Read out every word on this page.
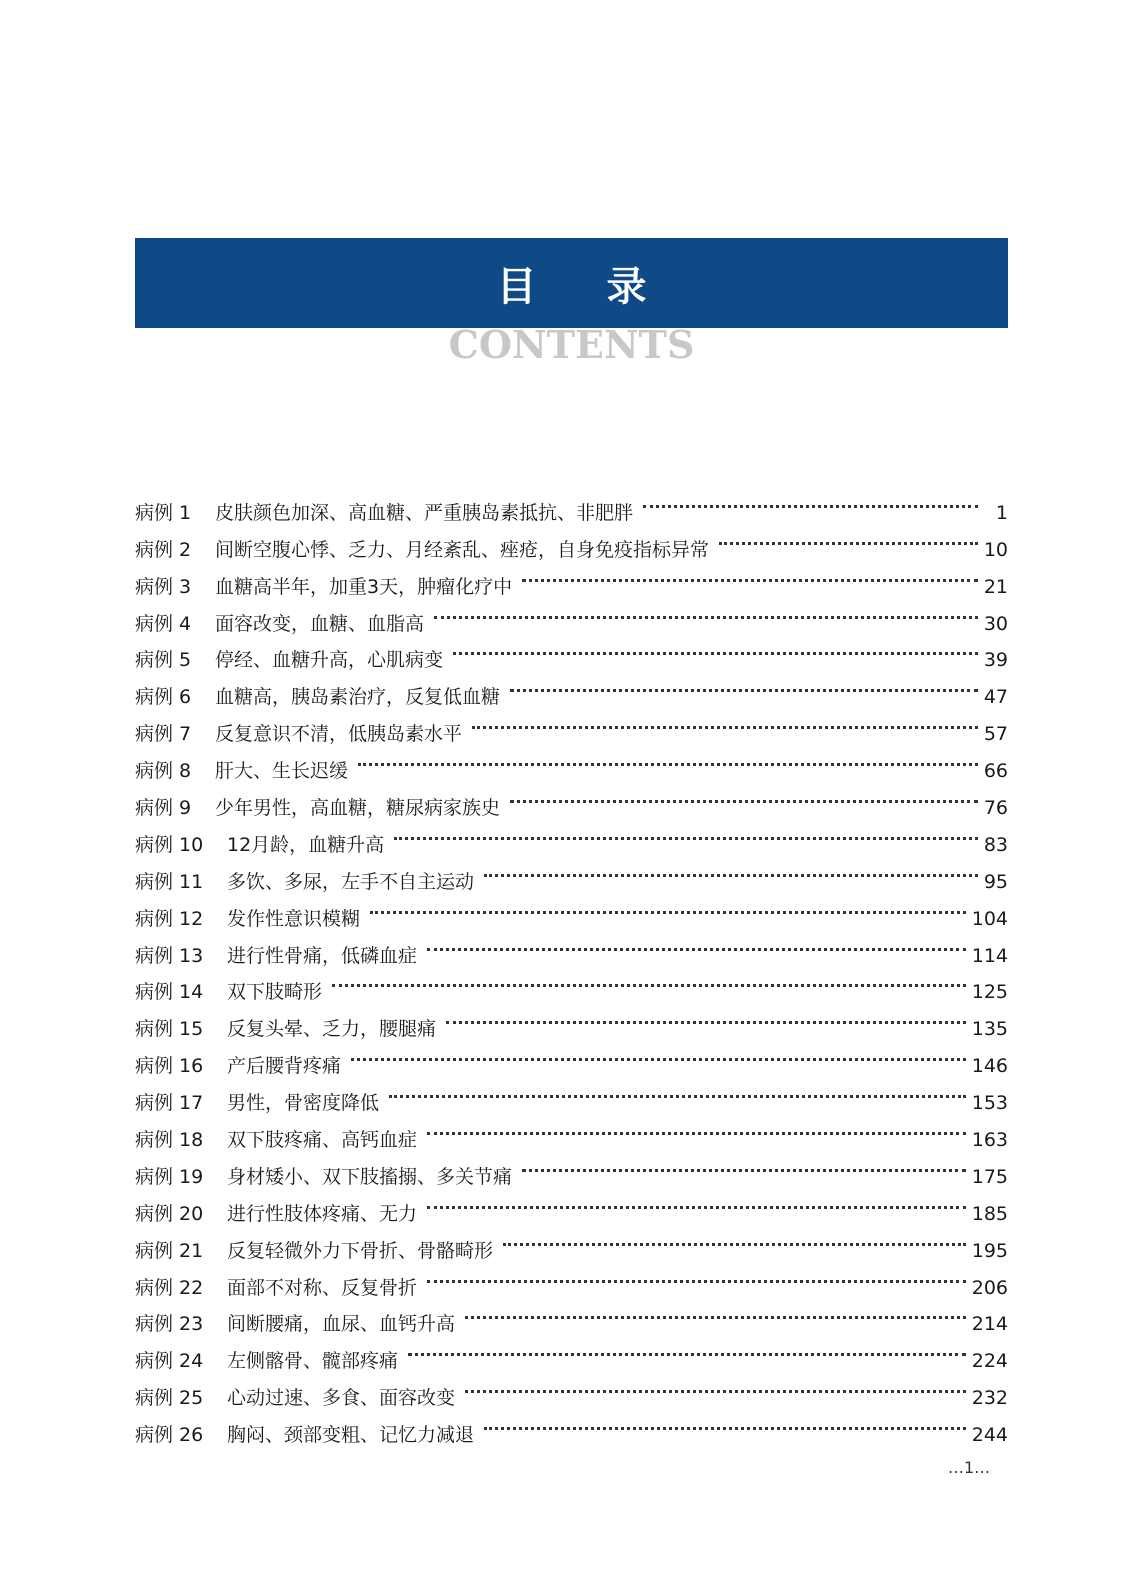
目录
CONTENTS
病例 1	皮肤颜色加深、高血糖、严重胰岛素抵抗、非肥胖	1
病例 2	间断空腹心悸、乏力、月经紊乱、痤疮，自身免疫指标异常	10
病例 3	血糖高半年，加重3天，肿瘤化疗中	21
病例 4	面容改变，血糖、血脂高	30
病例 5	停经、血糖升高，心肌病变	39
病例 6	血糖高，胰岛素治疗，反复低血糖	47
病例 7	反复意识不清，低胰岛素水平	57
病例 8	肝大、生长迟缓	66
病例 9	少年男性，高血糖，糖尿病家族史	76
病例 10	12月龄，血糖升高	83
病例 11	多饮、多尿，左手不自主运动	95
病例 12	发作性意识模糊	104
病例 13	进行性骨痛，低磷血症	114
病例 14	双下肢畸形	125
病例 15	反复头晕、乏力，腰腿痛	135
病例 16	产后腰背疼痛	146
病例 17	男性，骨密度降低	153
病例 18	双下肢疼痛、高钙血症	163
病例 19	身材矮小、双下肢搐搦、多关节痛	175
病例 20	进行性肢体疼痛、无力	185
病例 21	反复轻微外力下骨折、骨骼畸形	195
病例 22	面部不对称、反复骨折	206
病例 23	间断腰痛，血尿、血钙升高	214
病例 24	左侧髂骨、髋部疼痛	224
病例 25	心动过速、多食、面容改变	232
病例 26	胸闷、颈部变粗、记忆力减退	244
…1…
